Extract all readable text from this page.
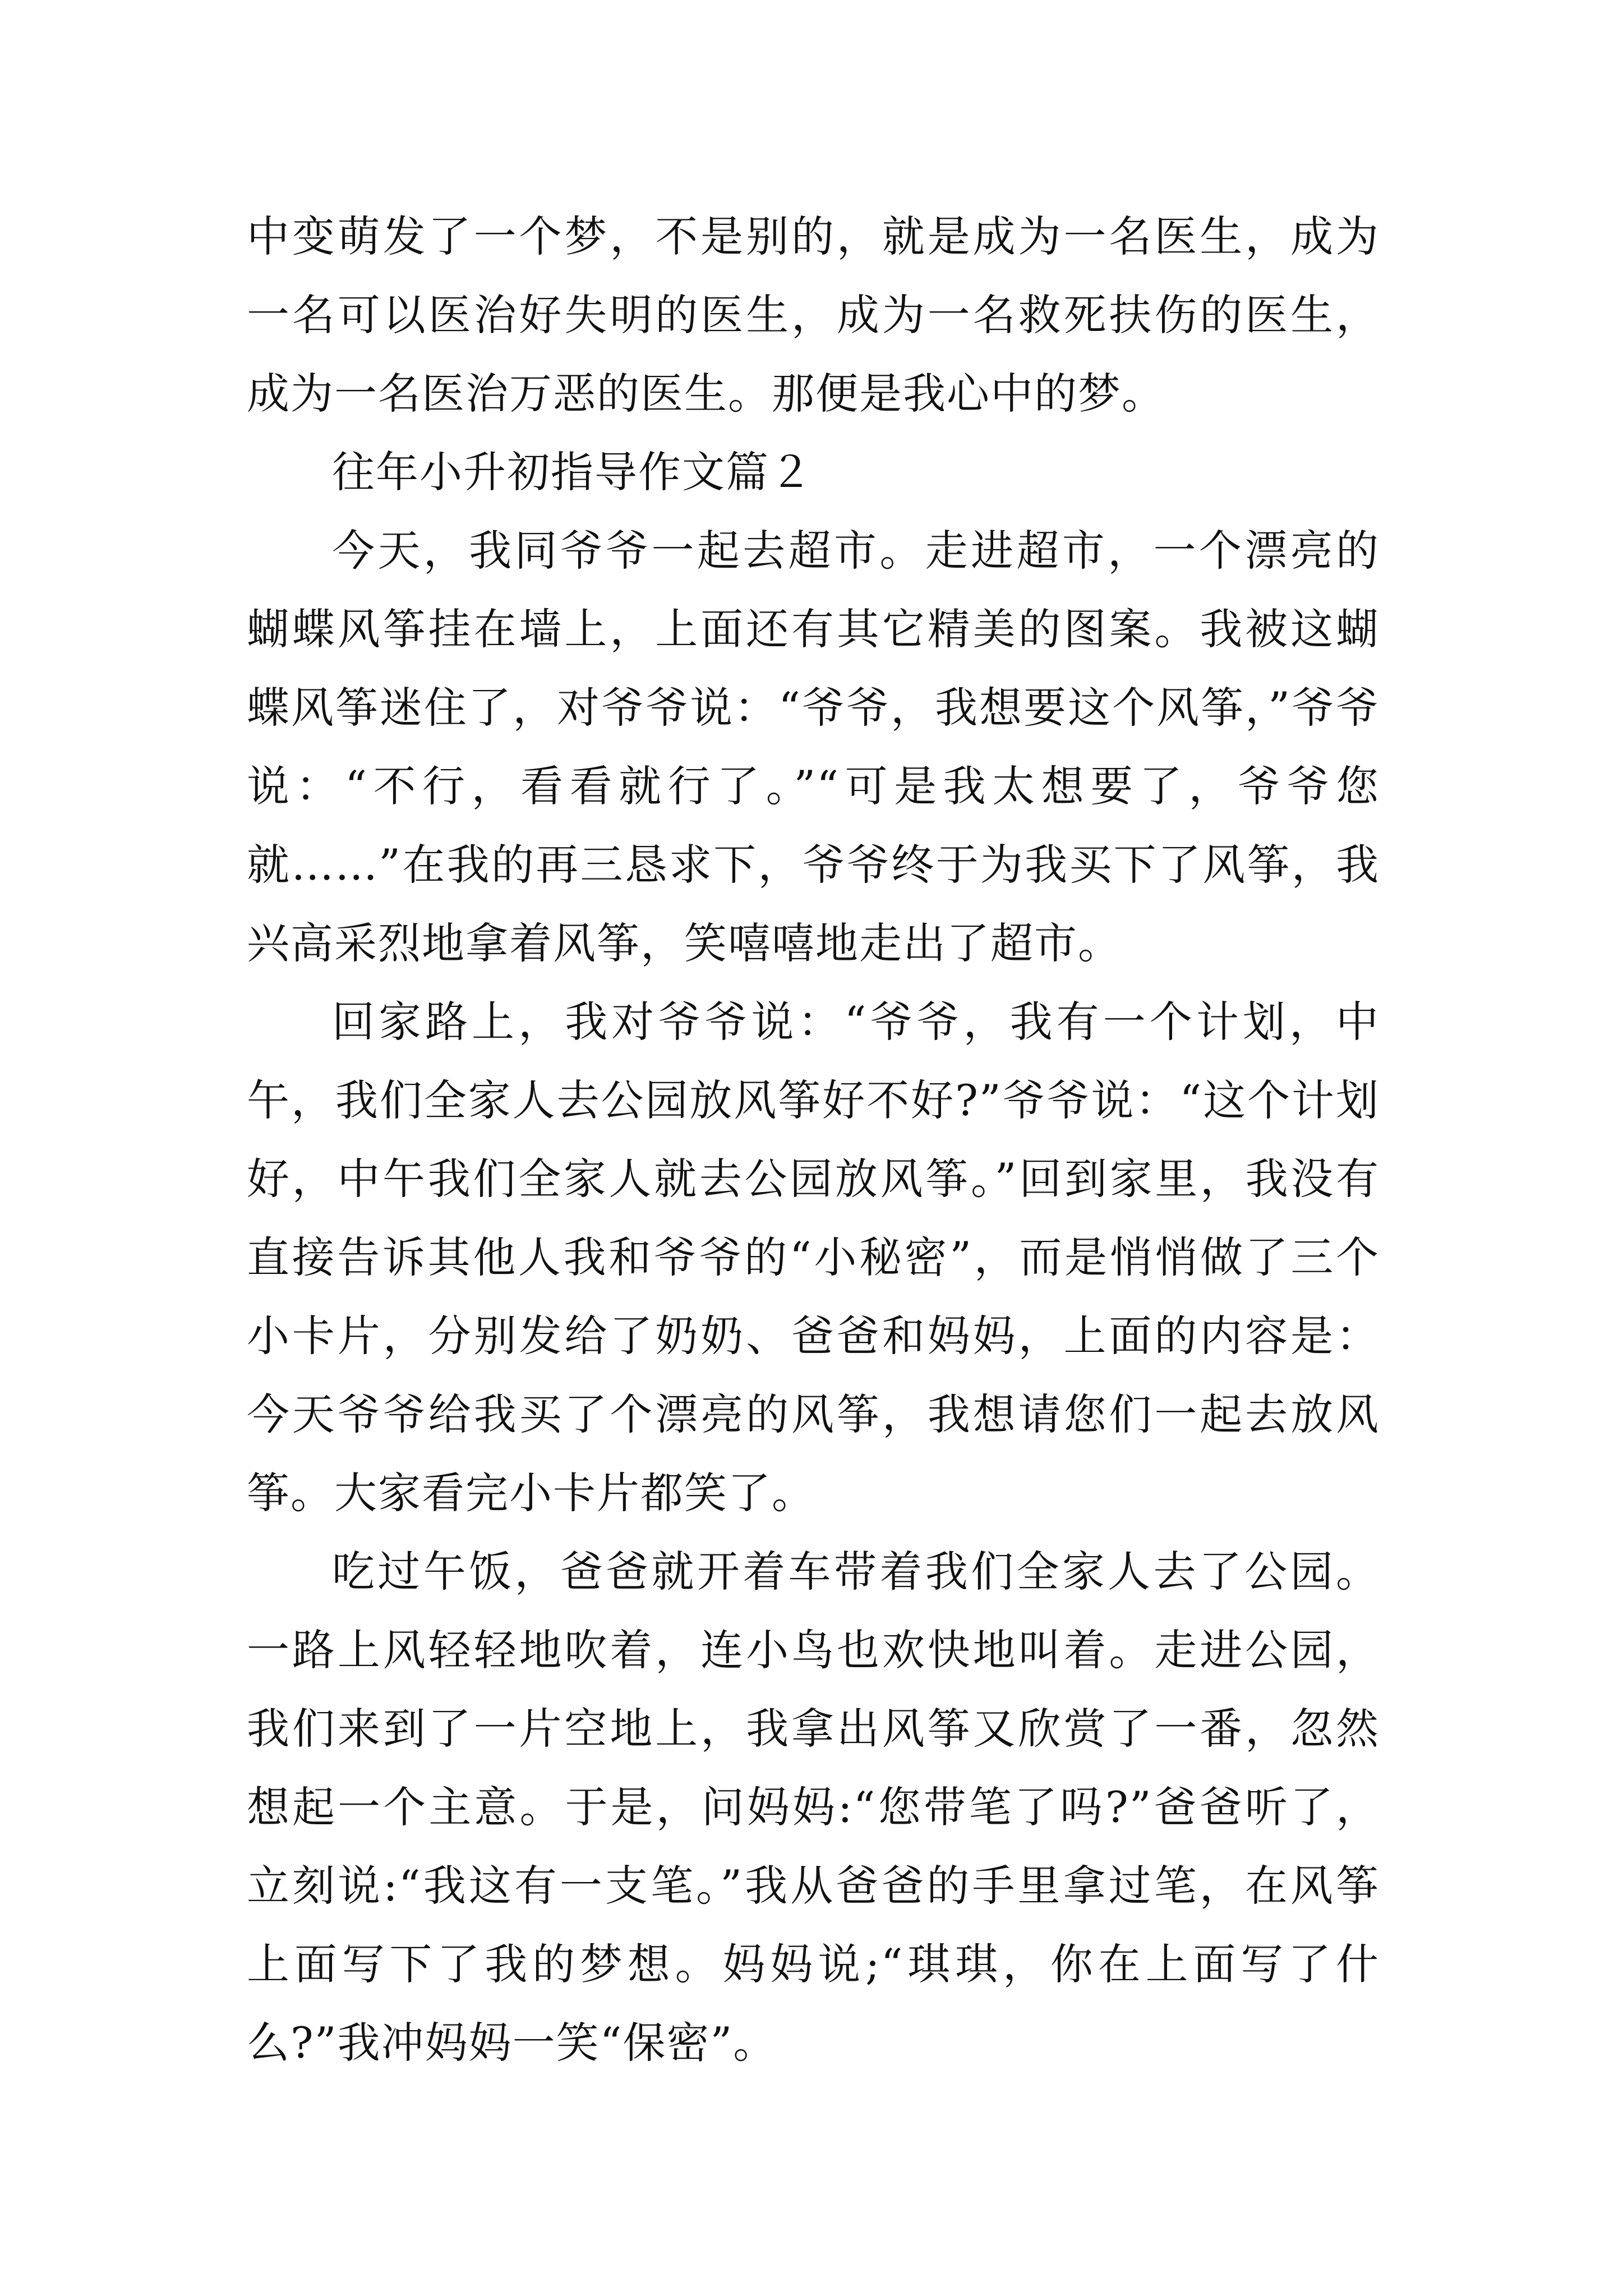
中变萌发了一个梦，不是别的，就是成为一名医生，成为一名可以医治好失明的医生，成为一名救死扶伤的医生，成为一名医治万恶的医生。那便是我心中的梦。

往年小升初指导作文篇２

今天，我同爷爷一起去超市。走进超市，一个漂亮的蝴蝶风筝挂在墙上，上面还有其它精美的图案。我被这蝴蝶风筝迷住了，对爷爷说：“爷爷，我想要这个风筝，”爷爷说：“不行，看看就行了。”“可是我太想要了，爷爷您就……”在我的再三恳求下，爷爷终于为我买下了风筝，我兴高采烈地拿着风筝，笑嘻嘻地走出了超市。

回家路上，我对爷爷说：“爷爷，我有一个计划，中午，我们全家人去公园放风筝好不好?”爷爷说：“这个计划好，中午我们全家人就去公园放风筝。”回到家里，我没有直接告诉其他人我和爷爷的“小秘密”，而是悄悄做了三个小卡片，分别发给了奶奶、爸爸和妈妈，上面的内容是：今天爷爷给我买了个漂亮的风筝，我想请您们一起去放风筝。大家看完小卡片都笑了。

吃过午饭，爸爸就开着车带着我们全家人去了公园。一路上风轻轻地吹着，连小鸟也欢快地叫着。走进公园，我们来到了一片空地上，我拿出风筝又欣赏了一番，忽然想起一个主意。于是，问妈妈:“您带笔了吗?”爸爸听了，立刻说:“我这有一支笔。”我从爸爸的手里拿过笔，在风筝上面写下了我的梦想。妈妈说;“琪琪，你在上面写了什么?”我冲妈妈一笑“保密”。
